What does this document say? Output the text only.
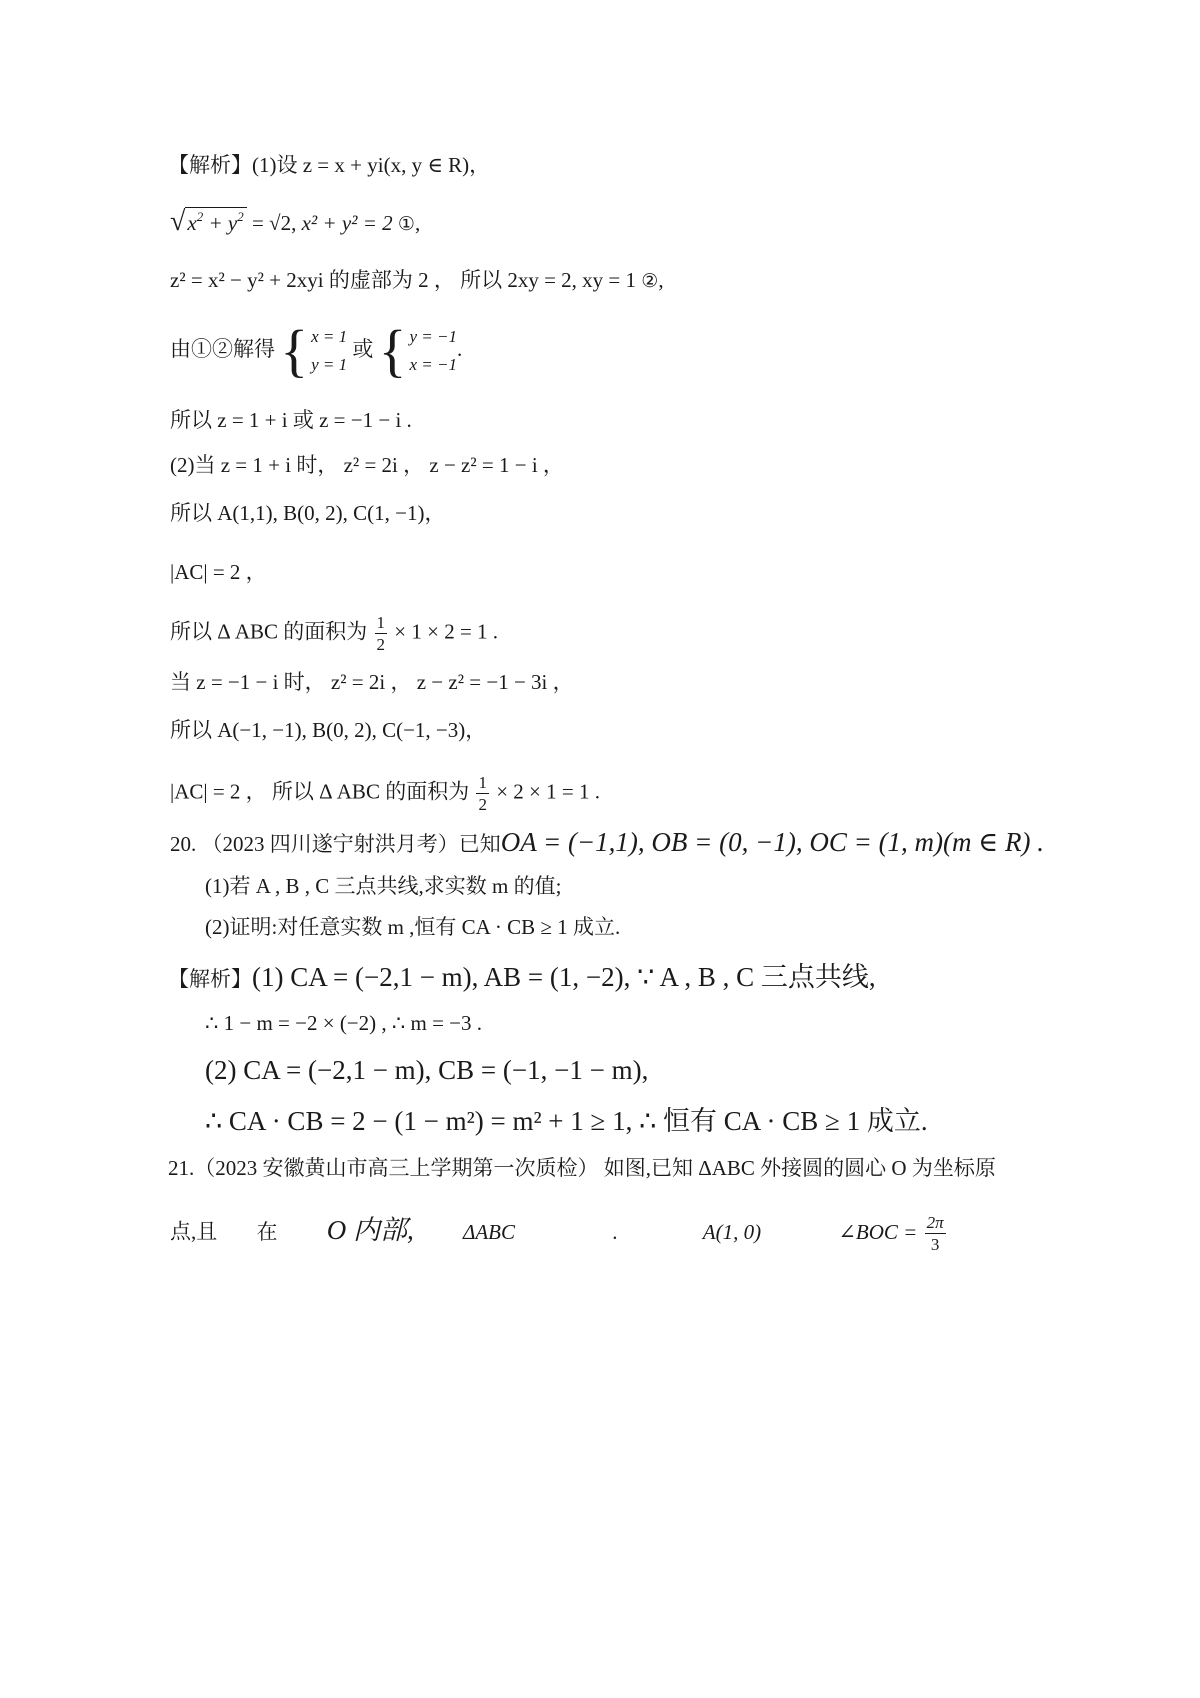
【解析】(1)设 z = x + yi(x, y ∈ R)，
$√x^2 + y^2 = √2$, x² + y² = 2 ①,
z² = x² − y² + 2xyi 的虚部为 2 ， 所以 2xy = 2, xy = 1 ②,
由①②解得 { x = 1
y = 1
或 { y = −1
x = −1
.
所以 z = 1 + i 或 z = −1 − i .
(2)当 z = 1 + i 时， z² = 2i ， z − z² = 1 − i ，
所以 A(1,1), B(0, 2), C(1, −1)，
|AC| = 2 ，
所以 Δ ABC 的面积为 $\frac{1}{2} \times 1 \times 2 = 1$ .
当 z = −1 − i 时， z² = 2i ， z − z² = −1 − 3i ，
所以 A(−1, −1), B(0, 2), C(−1, −3)，
|AC| = 2 ， 所以 Δ ABC 的面积为 $\frac{1}{2} \times 2 \times 1 = 1$ .
20. （2023 四川遂宁射洪月考）已知OA = (−1,1), OB = (0, −1), OC = (1, m)(m ∈ R) .
(1)若 A , B , C 三点共线,求实数 m 的值;
(2)证明:对任意实数 m ,恒有 CA · CB ≥ 1 成立.
【解析】(1) CA = (−2,1 − m), AB = (1, −2), ∵ A , B , C 三点共线,
∴ 1 − m = −2 × (−2) , ∴ m = −3 .
(2) CA = (−2,1 − m), CB = (−1, −1 − m),
∴ CA · CB = 2 − (1 − m²) = m² + 1 ≥ 1, ∴ 恒有 CA · CB ≥ 1 成立.
21.（2023 安徽黄山市高三上学期第一次质检） 如图,已知 ΔABC 外接圆的圆心 O 为坐标原
点,且 在 O 内部, ΔABC	.	A(1, 0)	∠BOC = $\frac{2\pi}{3}$
